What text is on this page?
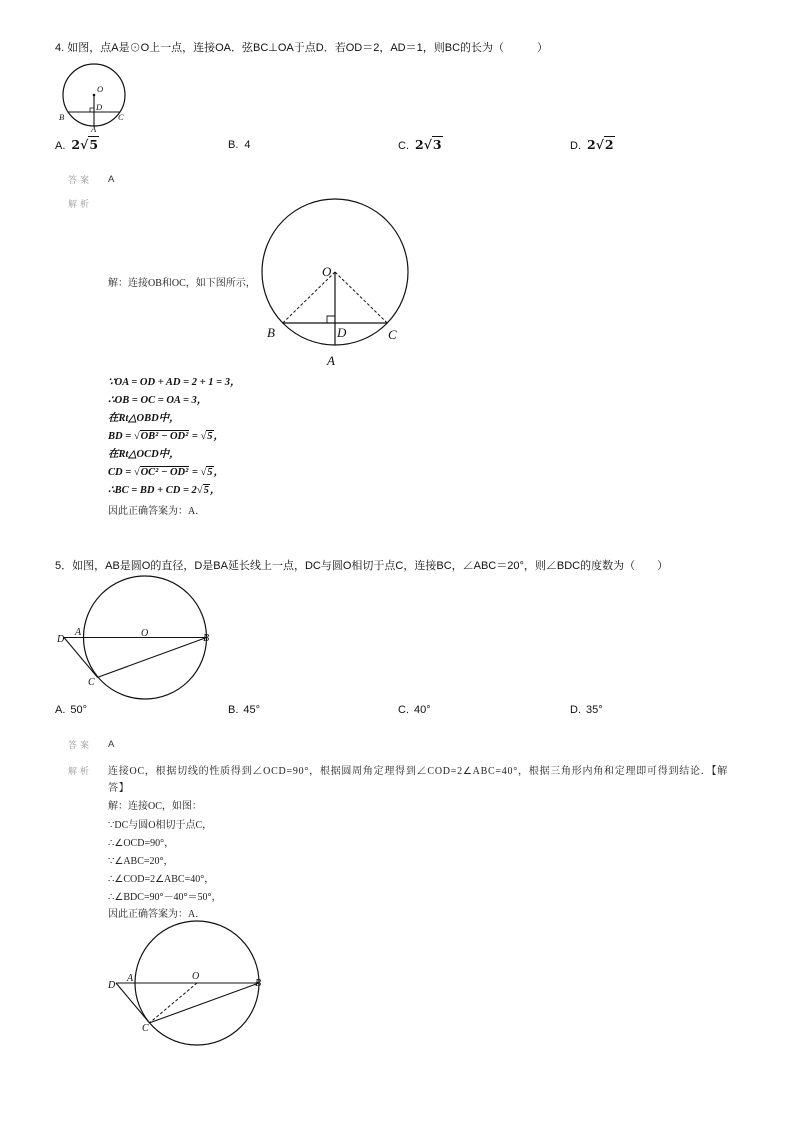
4. 如图，点A是⊙O上一点，连接OA．弦BC⊥OA于点D．若OD＝2，AD＝1，则BC的长为（　　　）
O
D
B	C
A
A. 2√5	B. 4	C. 2√3	D. 2√2
答案 A
解析
解：连接OB和OC，如下图所示，
O
D
B	C
A
∵OA = OD + AD = 2 + 1 = 3，
∴OB = OC = OA = 3，
在Rt△OBD中，
BD = √OB² − OD² = √5，
在Rt△OCD中，
CD = √OC² − OD² = √5，
∴BC = BD + CD = 2√5，
因此正确答案为：A．
5．如图，AB是圆O的直径，D是BA延长线上一点，DC与圆O相切于点C，连接BC，∠ABC＝20°，则∠BDC的度数为（　　）
D
A	O	B
C
A. 50°	B. 45°	C. 40°	D. 35°
答案 A
解析 连接OC，根据切线的性质得到∠OCD=90°，根据圆周角定理得到∠COD=2∠ABC=40°，根据三角形内角和定理即可得到结论．【解答】
解：连接OC，如图：
∵DC与圆O相切于点C，
∴∠OCD=90°，
∵∠ABC=20°，
∴∠COD=2∠ABC=40°，
∴∠BDC=90°－40°＝50°，
因此正确答案为：A．
D
A	O
B
C
